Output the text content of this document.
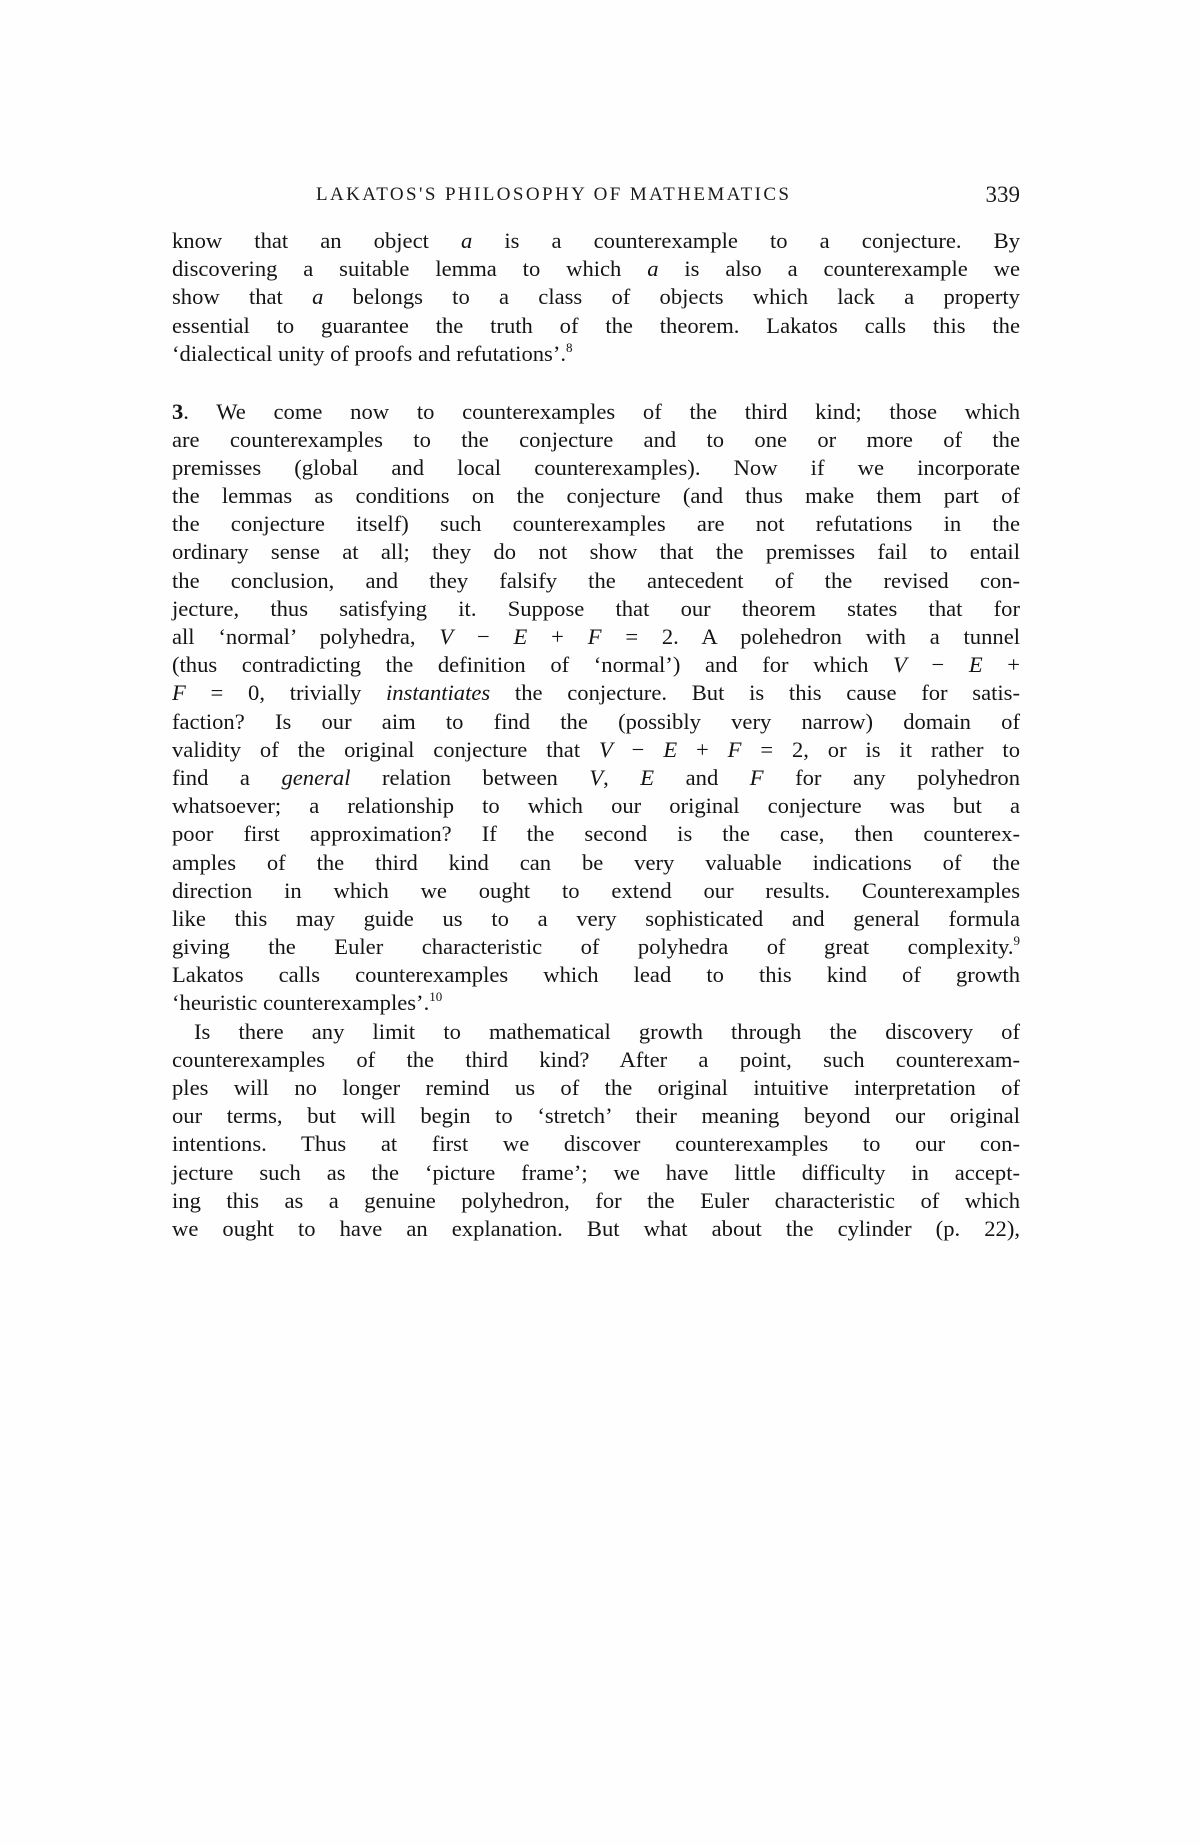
LAKATOS'S PHILOSOPHY OF MATHEMATICS	339
know that an object a is a counterexample to a conjecture. By
discovering a suitable lemma to which a is also a counterexample we
show that a belongs to a class of objects which lack a property
essential to guarantee the truth of the theorem. Lakatos calls this the
‘dialectical unity of proofs and refutations’.$^8$
3. We come now to counterexamples of the third kind; those which
are counterexamples to the conjecture and to one or more of the
premisses (global and local counterexamples). Now if we incorporate
the lemmas as conditions on the conjecture (and thus make them part of
the conjecture itself) such counterexamples are not refutations in the
ordinary sense at all; they do not show that the premisses fail to entail
the conclusion, and they falsify the antecedent of the revised con-
jecture, thus satisfying it. Suppose that our theorem states that for
all ‘normal’ polyhedra, V − E + F = 2. A polehedron with a tunnel
(thus contradicting the definition of ‘normal’) and for which V − E +
F = 0, trivially instantiates the conjecture. But is this cause for satis-
faction? Is our aim to find the (possibly very narrow) domain of
validity of the original conjecture that V − E + F = 2, or is it rather to
find a general relation between V, E and F for any polyhedron
whatsoever; a relationship to which our original conjecture was but a
poor first approximation? If the second is the case, then counterex-
amples of the third kind can be very valuable indications of the
direction in which we ought to extend our results. Counterexamples
like this may guide us to a very sophisticated and general formula
giving the Euler characteristic of polyhedra of great complexity.$^9$
Lakatos calls counterexamples which lead to this kind of growth
‘heuristic counterexamples’.$^{10}$
Is there any limit to mathematical growth through the discovery of
counterexamples of the third kind? After a point, such counterexam-
ples will no longer remind us of the original intuitive interpretation of
our terms, but will begin to ‘stretch’ their meaning beyond our original
intentions. Thus at first we discover counterexamples to our con-
jecture such as the ‘picture frame’; we have little difficulty in accept-
ing this as a genuine polyhedron, for the Euler characteristic of which
we ought to have an explanation. But what about the cylinder (p. 22),
